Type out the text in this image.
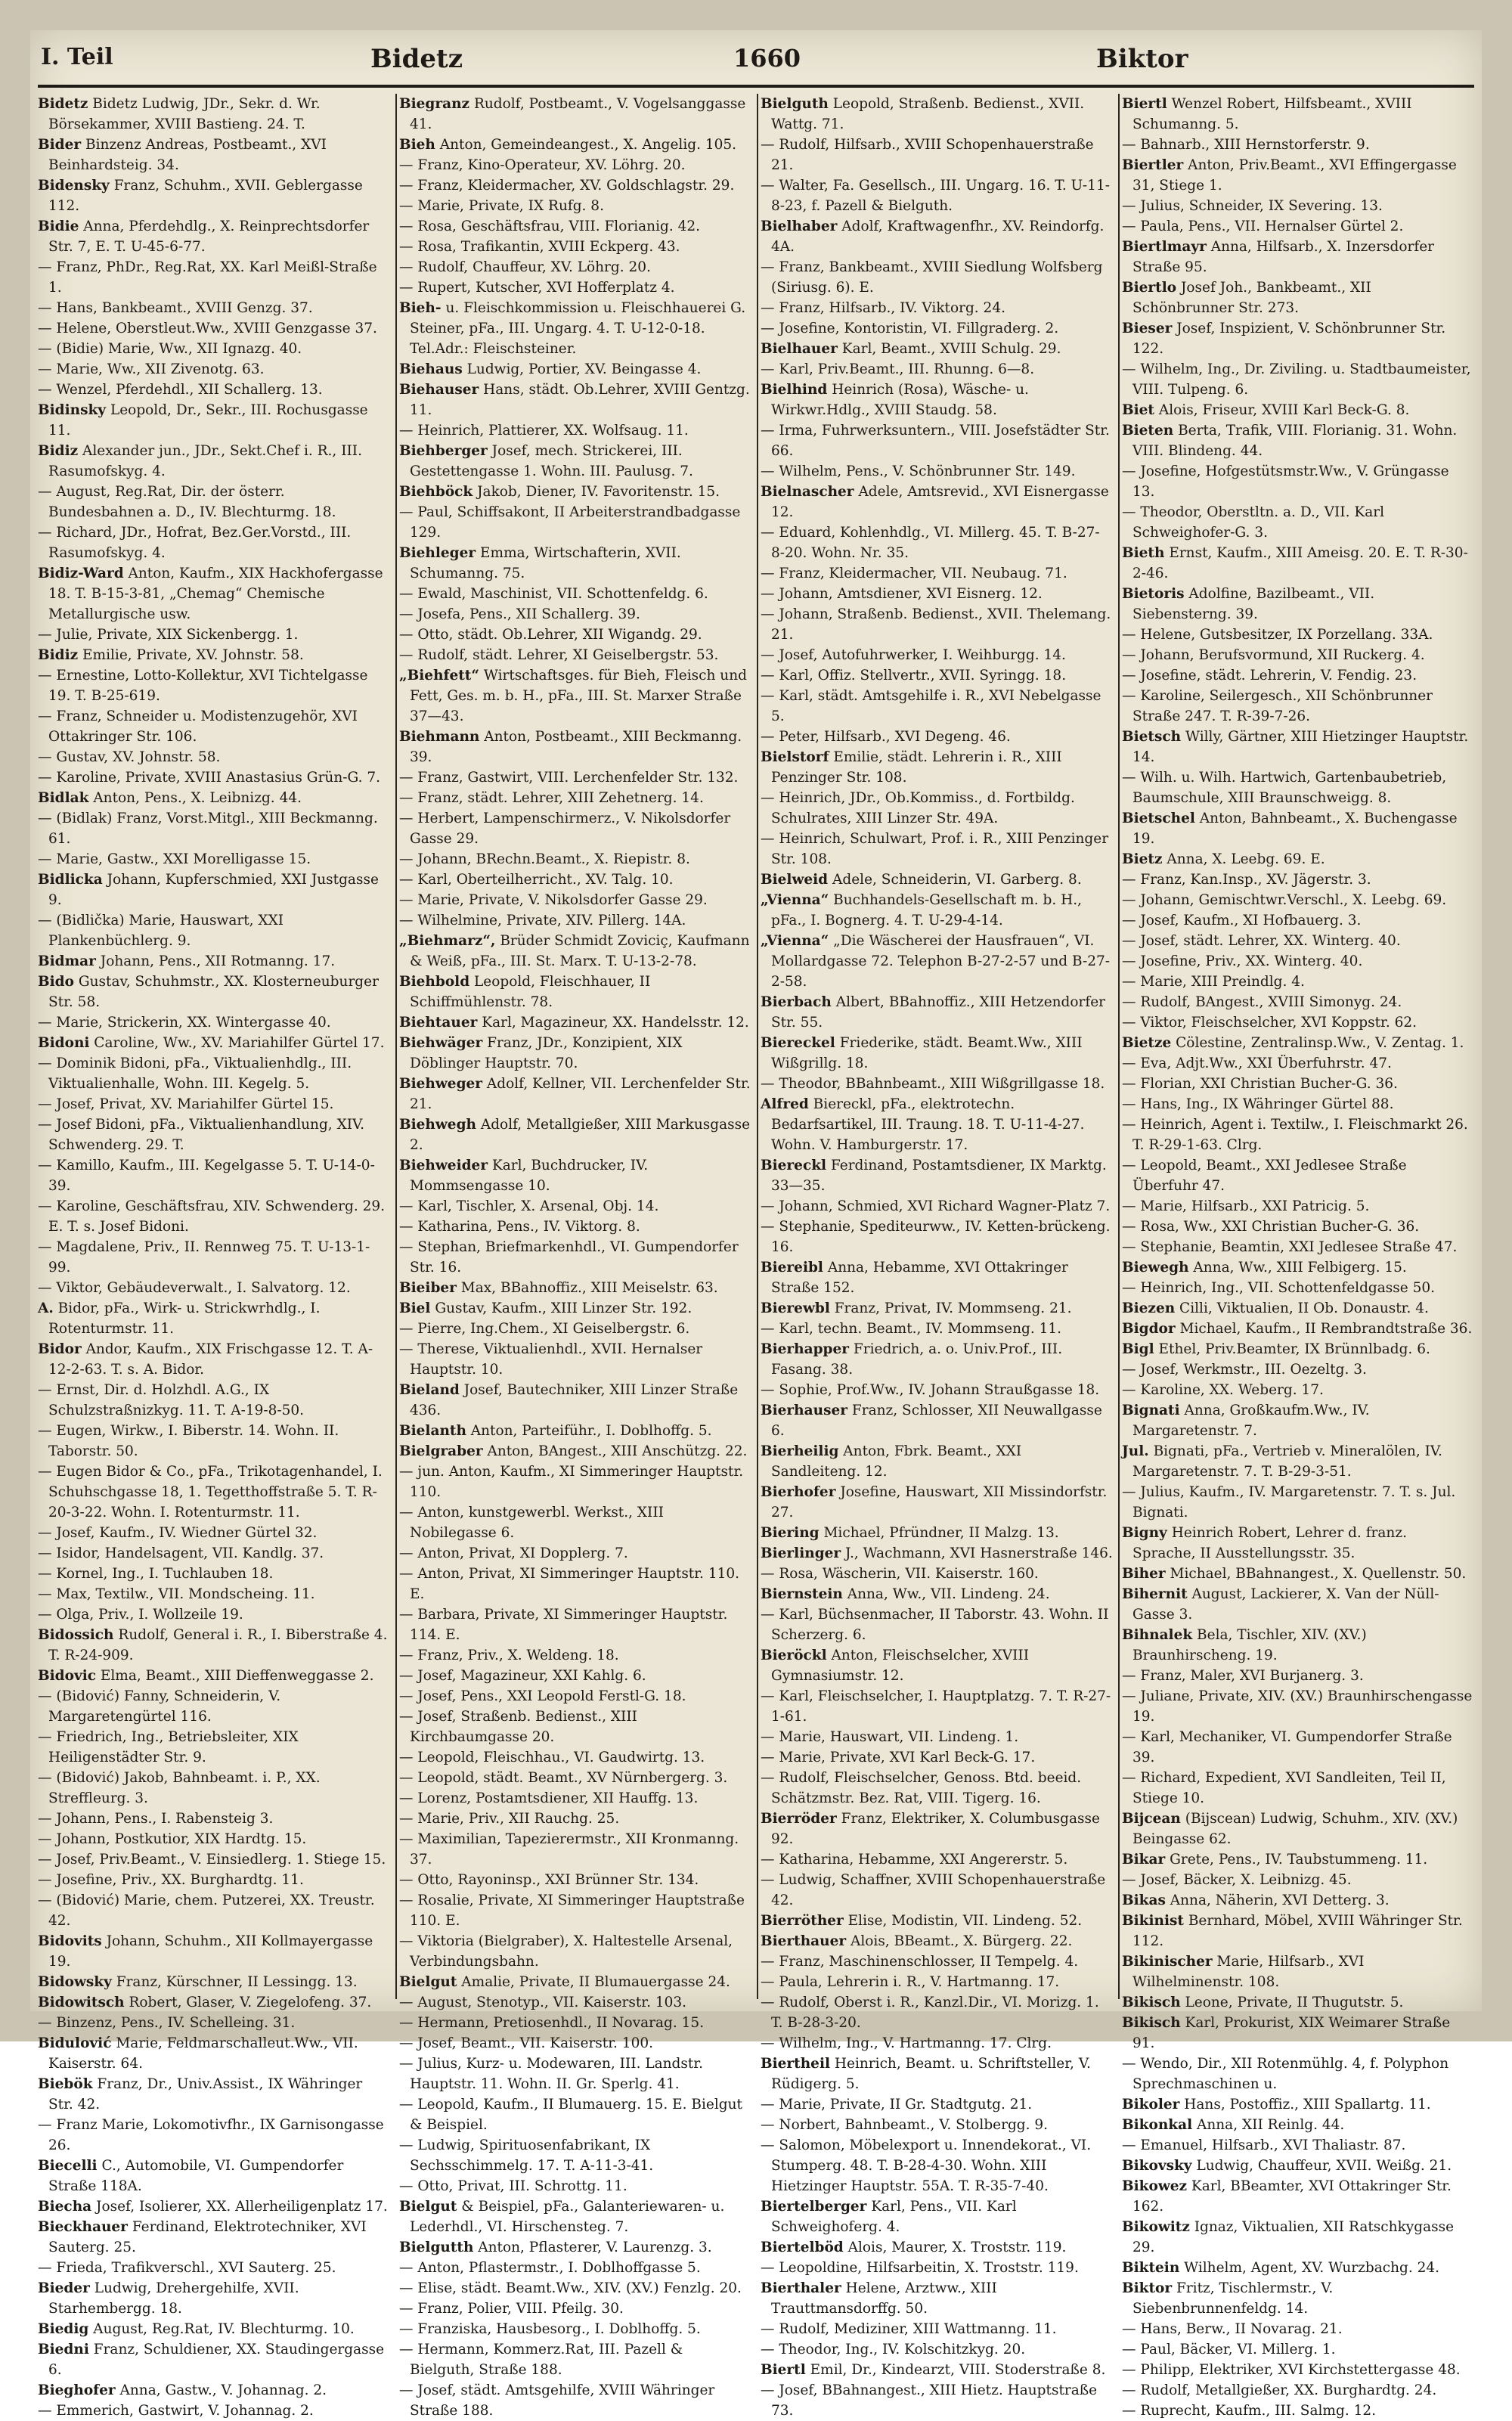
I. Teil	Bidetz	1660	Biktor

Bidetz Bidetz Ludwig, JDr., Sekr. d. Wr. Börsekammer, XVIII Bastieng. 24. T.

Bider Binzenz Andreas, Postbeamt., XVI Beinhardsteig. 34.

Bidensky Franz, Schuhm., XVII. Geblergasse 112.

Bidie Anna, Pferdehdlg., X. Reinprechtsdorfer Str. 7, E. T. U-45-6-77.

— Franz, PhDr., Reg.Rat, XX. Karl Meißl-Straße 1.

— Hans, Bankbeamt., XVIII Genzg. 37.

— Helene, Oberstleut.Ww., XVIII Genzgasse 37.

— (Bidie) Marie, Ww., XII Ignazg. 40.

— Marie, Ww., XII Zivenotg. 63.

— Wenzel, Pferdehdl., XII Schallerg. 13.

Bidinsky Leopold, Dr., Sekr., III. Rochusgasse 11.

Bidiz Alexander jun., JDr., Sekt.Chef i. R., III. Rasumofskyg. 4.

— August, Reg.Rat, Dir. der österr. Bundesbahnen a. D., IV. Blechturmg. 18.

— Richard, JDr., Hofrat, Bez.Ger.Vorstd., III. Rasumofskyg. 4.

Bidiz-Ward Anton, Kaufm., XIX Hackhofergasse 18. T. B-15-3-81, „Chemag“ Chemische Metallurgische usw.

— Julie, Private, XIX Sickenbergg. 1.

Bidiz Emilie, Private, XV. Johnstr. 58.

— Ernestine, Lotto-Kollektur, XVI Tichtelgasse 19. T. B-25-619.

— Franz, Schneider u. Modistenzugehör, XVI Ottakringer Str. 106.

— Gustav, XV. Johnstr. 58.

— Karoline, Private, XVIII Anastasius Grün-G. 7.

Bidlak Anton, Pens., X. Leibnizg. 44.

— (Bidlak) Franz, Vorst.Mitgl., XIII Beckmanng. 61.

— Marie, Gastw., XXI Morelligasse 15.

Bidlicka Johann, Kupferschmied, XXI Justgasse 9.

— (Bidlička) Marie, Hauswart, XXI Plankenbüchlerg. 9.

Bidmar Johann, Pens., XII Rotmanng. 17.

Bido Gustav, Schuhmstr., XX. Klosterneuburger Str. 58.

— Marie, Strickerin, XX. Wintergasse 40.

Bidoni Caroline, Ww., XV. Mariahilfer Gürtel 17.

— Dominik Bidoni, pFa., Viktualienhdlg., III. Viktualienhalle, Wohn. III. Kegelg. 5.

— Josef, Privat, XV. Mariahilfer Gürtel 15.

— Josef Bidoni, pFa., Viktualienhandlung, XIV. Schwenderg. 29. T.

— Kamillo, Kaufm., III. Kegelgasse 5. T. U-14-0-39.

— Karoline, Geschäftsfrau, XIV. Schwenderg. 29. E. T. s. Josef Bidoni.

— Magdalene, Priv., II. Rennweg 75. T. U-13-1-99.

— Viktor, Gebäudeverwalt., I. Salvatorg. 12.

A. Bidor, pFa., Wirk- u. Strickwrhdlg., I. Rotenturmstr. 11.

Bidor Andor, Kaufm., XIX Frischgasse 12. T. A-12-2-63. T. s. A. Bidor.

— Ernst, Dir. d. Holzhdl. A.G., IX Schulzstraßnizkyg. 11. T. A-19-8-50.

— Eugen, Wirkw., I. Biberstr. 14. Wohn. II. Taborstr. 50.

— Eugen Bidor & Co., pFa., Trikotagenhandel, I. Schuhschgasse 18, 1. Tegetthoffstraße 5. T. R-20-3-22. Wohn. I. Rotenturmstr. 11.

— Josef, Kaufm., IV. Wiedner Gürtel 32.

— Isidor, Handelsagent, VII. Kandlg. 37.

— Kornel, Ing., I. Tuchlauben 18.

— Max, Textilw., VII. Mondscheing. 11.

— Olga, Priv., I. Wollzeile 19.

Bidossich Rudolf, General i. R., I. Biberstraße 4. T. R-24-909.

Bidovic Elma, Beamt., XIII Dieffenweggasse 2.

— (Bidović) Fanny, Schneiderin, V. Margaretengürtel 116.

— Friedrich, Ing., Betriebsleiter, XIX Heiligenstädter Str. 9.

— (Bidović) Jakob, Bahnbeamt. i. P., XX. Streffleurg. 3.

— Johann, Pens., I. Rabensteig 3.

— Johann, Postkutior, XIX Hardtg. 15.

— Josef, Priv.Beamt., V. Einsiedlerg. 1. Stiege 15.

— Josefine, Priv., XX. Burghardtg. 11.

— (Bidović) Marie, chem. Putzerei, XX. Treustr. 42.

Bidovits Johann, Schuhm., XII Kollmayergasse 19.

Bidowsky Franz, Kürschner, II Lessingg. 13.

Bidowitsch Robert, Glaser, V. Ziegelofeng. 37.

— Binzenz, Pens., IV. Schelleing. 31.

Bidulović Marie, Feldmarschalleut.Ww., VII. Kaiserstr. 64.

Biebök Franz, Dr., Univ.Assist., IX Währinger Str. 42.

— Franz Marie, Lokomotivfhr., IX Garnisongasse 26.

Biecelli C., Automobile, VI. Gumpendorfer Straße 118A.

Biecha Josef, Isolierer, XX. Allerheiligenplatz 17.

Bieckhauer Ferdinand, Elektrotechniker, XVI Sauterg. 25.

— Frieda, Trafikverschl., XVI Sauterg. 25.

Bieder Ludwig, Drehergehilfe, XVII. Starhembergg. 18.

Biedig August, Reg.Rat, IV. Blechturmg. 10.

Biedni Franz, Schuldiener, XX. Staudingergasse 6.

Bieghofer Anna, Gastw., V. Johannag. 2.

— Emmerich, Gastwirt, V. Johannag. 2.

Biegranz Rudolf, Postbeamt., V. Vogelsanggasse 41.

Bieh Anton, Gemeindeangest., X. Angelig. 105.

— Franz, Kino-Operateur, XV. Löhrg. 20.

— Franz, Kleidermacher, XV. Goldschlagstr. 29.

— Marie, Private, IX Rufg. 8.

— Rosa, Geschäftsfrau, VIII. Florianig. 42.

— Rosa, Trafikantin, XVIII Eckperg. 43.

— Rudolf, Chauffeur, XV. Löhrg. 20.

— Rupert, Kutscher, XVI Hofferplatz 4.

Bieh- u. Fleischkommission u. Fleischhauerei G. Steiner, pFa., III. Ungarg. 4. T. U-12-0-18. Tel.Adr.: Fleischsteiner.

Biehaus Ludwig, Portier, XV. Beingasse 4.

Biehauser Hans, städt. Ob.Lehrer, XVIII Gentzg. 11.

— Heinrich, Plattierer, XX. Wolfsaug. 11.

Biehberger Josef, mech. Strickerei, III. Gestettengasse 1. Wohn. III. Paulusg. 7.

Biehböck Jakob, Diener, IV. Favoritenstr. 15.

— Paul, Schiffsakont, II Arbeiterstrandbadgasse 129.

Biehleger Emma, Wirtschafterin, XVII. Schumanng. 75.

— Ewald, Maschinist, VII. Schottenfeldg. 6.

— Josefa, Pens., XII Schallerg. 39.

— Otto, städt. Ob.Lehrer, XII Wigandg. 29.

— Rudolf, städt. Lehrer, XI Geiselbergstr. 53.

„Biehfett“ Wirtschaftsges. für Bieh, Fleisch und Fett, Ges. m. b. H., pFa., III. St. Marxer Straße 37—43.

Biehmann Anton, Postbeamt., XIII Beckmanng. 39.

— Franz, Gastwirt, VIII. Lerchenfelder Str. 132.

— Franz, städt. Lehrer, XIII Zehetnerg. 14.

— Herbert, Lampenschirmerz., V. Nikolsdorfer Gasse 29.

— Johann, BRechn.Beamt., X. Riepistr. 8.

— Karl, Oberteilherricht., XV. Talg. 10.

— Marie, Private, V. Nikolsdorfer Gasse 29.

— Wilhelmine, Private, XIV. Pillerg. 14A.

„Biehmarz“, Brüder Schmidt Zoviciç, Kaufmann & Weiß, pFa., III. St. Marx. T. U-13-2-78.

Biehbold Leopold, Fleischhauer, II Schiffmühlenstr. 78.

Biehtauer Karl, Magazineur, XX. Handelsstr. 12.

Biehwäger Franz, JDr., Konzipient, XIX Döblinger Hauptstr. 70.

Biehweger Adolf, Kellner, VII. Lerchenfelder Str. 21.

Biehwegh Adolf, Metallgießer, XIII Markusgasse 2.

Biehweider Karl, Buchdrucker, IV. Mommsengasse 10.

— Karl, Tischler, X. Arsenal, Obj. 14.

— Katharina, Pens., IV. Viktorg. 8.

— Stephan, Briefmarkenhdl., VI. Gumpendorfer Str. 16.

Bieiber Max, BBahnoffiz., XIII Meiselstr. 63.

Biel Gustav, Kaufm., XIII Linzer Str. 192.

— Pierre, Ing.Chem., XI Geiselbergstr. 6.

— Therese, Viktualienhdl., XVII. Hernalser Hauptstr. 10.

Bieland Josef, Bautechniker, XIII Linzer Straße 436.

Bielanth Anton, Parteiführ., I. Doblhoffg. 5.

Bielgraber Anton, BAngest., XIII Anschützg. 22.

— jun. Anton, Kaufm., XI Simmeringer Hauptstr. 110.

— Anton, kunstgewerbl. Werkst., XIII Nobilegasse 6.

— Anton, Privat, XI Dopplerg. 7.

— Anton, Privat, XI Simmeringer Hauptstr. 110. E.

— Barbara, Private, XI Simmeringer Hauptstr. 114. E.

— Franz, Priv., X. Weldeng. 18.

— Josef, Magazineur, XXI Kahlg. 6.

— Josef, Pens., XXI Leopold Ferstl-G. 18.

— Josef, Straßenb. Bedienst., XIII Kirchbaumgasse 20.

— Leopold, Fleischhau., VI. Gaudwirtg. 13.

— Leopold, städt. Beamt., XV Nürnbergerg. 3.

— Lorenz, Postamtsdiener, XII Hauffg. 13.

— Marie, Priv., XII Rauchg. 25.

— Maximilian, Tapezierermstr., XII Kronmanng. 37.

— Otto, Rayoninsp., XXI Brünner Str. 134.

— Rosalie, Private, XI Simmeringer Hauptstraße 110. E.

— Viktoria (Bielgraber), X. Haltestelle Arsenal, Verbindungsbahn.

Bielgut Amalie, Private, II Blumauergasse 24.

— August, Stenotyp., VII. Kaiserstr. 103.

— Hermann, Pretiosenhdl., II Novarag. 15.

— Josef, Beamt., VII. Kaiserstr. 100.

— Julius, Kurz- u. Modewaren, III. Landstr. Hauptstr. 11. Wohn. II. Gr. Sperlg. 41.

— Leopold, Kaufm., II Blumauerg. 15. E. Bielgut & Beispiel.

— Ludwig, Spirituosenfabrikant, IX Sechsschimmelg. 17. T. A-11-3-41.

— Otto, Privat, III. Schrottg. 11.

Bielgut & Beispiel, pFa., Galanteriewaren- u. Lederhdl., VI. Hirschensteg. 7.

Bielgutth Anton, Pflasterer, V. Laurenzg. 3.

— Anton, Pflastermstr., I. Doblhoffgasse 5.

— Elise, städt. Beamt.Ww., XIV. (XV.) Fenzlg. 20.

— Franz, Polier, VIII. Pfeilg. 30.

— Franziska, Hausbesorg., I. Doblhoffg. 5.

— Hermann, Kommerz.Rat, III. Pazell & Bielguth, Straße 188.

— Josef, städt. Amtsgehilfe, XVIII Währinger Straße 188.

Bielguth Leopold, Straßenb. Bedienst., XVII. Wattg. 71.

— Rudolf, Hilfsarb., XVIII Schopenhauerstraße 21.

— Walter, Fa. Gesellsch., III. Ungarg. 16. T. U-11-8-23, f. Pazell & Bielguth.

Bielhaber Adolf, Kraftwagenfhr., XV. Reindorfg. 4A.

— Franz, Bankbeamt., XVIII Siedlung Wolfsberg (Siriusg. 6). E.

— Franz, Hilfsarb., IV. Viktorg. 24.

— Josefine, Kontoristin, VI. Fillgraderg. 2.

Bielhauer Karl, Beamt., XVIII Schulg. 29.

— Karl, Priv.Beamt., III. Rhunng. 6—8.

Bielhind Heinrich (Rosa), Wäsche- u. Wirkwr.Hdlg., XVIII Staudg. 58.

— Irma, Fuhrwerksuntern., VIII. Josefstädter Str. 66.

— Wilhelm, Pens., V. Schönbrunner Str. 149.

Bielnascher Adele, Amtsrevid., XVI Eisnergasse 12.

— Eduard, Kohlenhdlg., VI. Millerg. 45. T. B-27-8-20. Wohn. Nr. 35.

— Franz, Kleidermacher, VII. Neubaug. 71.

— Johann, Amtsdiener, XVI Eisnerg. 12.

— Johann, Straßenb. Bedienst., XVII. Thelemang. 21.

— Josef, Autofuhrwerker, I. Weihburgg. 14.

— Karl, Offiz. Stellvertr., XVII. Syringg. 18.

— Karl, städt. Amtsgehilfe i. R., XVI Nebelgasse 5.

— Peter, Hilfsarb., XVI Degeng. 46.

Bielstorf Emilie, städt. Lehrerin i. R., XIII Penzinger Str. 108.

— Heinrich, JDr., Ob.Kommiss., d. Fortbildg. Schulrates, XIII Linzer Str. 49A.

— Heinrich, Schulwart, Prof. i. R., XIII Penzinger Str. 108.

Bielweid Adele, Schneiderin, VI. Garberg. 8.

„Vienna“ Buchhandels-Gesellschaft m. b. H., pFa., I. Bognerg. 4. T. U-29-4-14.

„Vienna“ „Die Wäscherei der Hausfrauen“, VI. Mollardgasse 72. Telephon B-27-2-57 und B-27-2-58.

Bierbach Albert, BBahnoffiz., XIII Hetzendorfer Str. 55.

Biereckel Friederike, städt. Beamt.Ww., XIII Wißgrillg. 18.

— Theodor, BBahnbeamt., XIII Wißgrillgasse 18.

Alfred Biereckl, pFa., elektrotechn. Bedarfsartikel, III. Traung. 18. T. U-11-4-27. Wohn. V. Hamburgerstr. 17.

Biereckl Ferdinand, Postamtsdiener, IX Marktg. 33—35.

— Johann, Schmied, XVI Richard Wagner-Platz 7.

— Stephanie, Spediteurww., IV. Ketten-brückeng. 16.

Biereibl Anna, Hebamme, XVI Ottakringer Straße 152.

Bierewbl Franz, Privat, IV. Mommseng. 21.

— Karl, techn. Beamt., IV. Mommseng. 11.

Bierhapper Friedrich, a. o. Univ.Prof., III. Fasang. 38.

— Sophie, Prof.Ww., IV. Johann Straußgasse 18.

Bierhauser Franz, Schlosser, XII Neuwallgasse 6.

Bierheilig Anton, Fbrk. Beamt., XXI Sandleiteng. 12.

Bierhofer Josefine, Hauswart, XII Missindorfstr. 27.

Biering Michael, Pfründner, II Malzg. 13.

Bierlinger J., Wachmann, XVI Hasnerstraße 146.

— Rosa, Wäscherin, VII. Kaiserstr. 160.

Biernstein Anna, Ww., VII. Lindeng. 24.

— Karl, Büchsenmacher, II Taborstr. 43. Wohn. II Scherzerg. 6.

Bieröckl Anton, Fleischselcher, XVIII Gymnasiumstr. 12.

— Karl, Fleischselcher, I. Hauptplatzg. 7. T. R-27-1-61.

— Marie, Hauswart, VII. Lindeng. 1.

— Marie, Private, XVI Karl Beck-G. 17.

— Rudolf, Fleischselcher, Genoss. Btd. beeid. Schätzmstr. Bez. Rat, VIII. Tigerg. 16.

Bierröder Franz, Elektriker, X. Columbusgasse 92.

— Katharina, Hebamme, XXI Angererstr. 5.

— Ludwig, Schaffner, XVIII Schopenhauerstraße 42.

Bierröther Elise, Modistin, VII. Lindeng. 52.

Bierthauer Alois, BBeamt., X. Bürgerg. 22.

— Franz, Maschinenschlosser, II Tempelg. 4.

— Paula, Lehrerin i. R., V. Hartmanng. 17.

— Rudolf, Oberst i. R., Kanzl.Dir., VI. Morizg. 1. T. B-28-3-20.

— Wilhelm, Ing., V. Hartmanng. 17. Clrg.

Biertheil Heinrich, Beamt. u. Schriftsteller, V. Rüdigerg. 5.

— Marie, Private, II Gr. Stadtgutg. 21.

— Norbert, Bahnbeamt., V. Stolbergg. 9.

— Salomon, Möbelexport u. Innendekorat., VI. Stumperg. 48. T. B-28-4-30. Wohn. XIII Hietzinger Hauptstr. 55A. T. R-35-7-40.

Biertelberger Karl, Pens., VII. Karl Schweighoferg. 4.

Biertelböd Alois, Maurer, X. Troststr. 119.

— Leopoldine, Hilfsarbeitin, X. Troststr. 119.

Bierthaler Helene, Arztww., XIII Trauttmansdorffg. 50.

— Rudolf, Mediziner, XIII Wattmanng. 11.

— Theodor, Ing., IV. Kolschitzkyg. 20.

Biertl Emil, Dr., Kindearzt, VIII. Stoderstraße 8.

— Josef, BBahnangest., XIII Hietz. Hauptstraße 73.

Biertl Wenzel Robert, Hilfsbeamt., XVIII Schumanng. 5.

— Bahnarb., XIII Hernstorferstr. 9.

Biertler Anton, Priv.Beamt., XVI Effingergasse 31, Stiege 1.

— Julius, Schneider, IX Severing. 13.

— Paula, Pens., VII. Hernalser Gürtel 2.

Biertlmayr Anna, Hilfsarb., X. Inzersdorfer Straße 95.

Biertlo Josef Joh., Bankbeamt., XII Schönbrunner Str. 273.

Bieser Josef, Inspizient, V. Schönbrunner Str. 122.

— Wilhelm, Ing., Dr. Ziviling. u. Stadtbaumeister, VIII. Tulpeng. 6.

Biet Alois, Friseur, XVIII Karl Beck-G. 8.

Bieten Berta, Trafik, VIII. Florianig. 31. Wohn. VIII. Blindeng. 44.

— Josefine, Hofgestütsmstr.Ww., V. Grüngasse 13.

— Theodor, Oberstltn. a. D., VII. Karl Schweighofer-G. 3.

Bieth Ernst, Kaufm., XIII Ameisg. 20. E. T. R-30-2-46.

Bietoris Adolfine, Bazilbeamt., VII. Siebensterng. 39.

— Helene, Gutsbesitzer, IX Porzellang. 33A.

— Johann, Berufsvormund, XII Ruckerg. 4.

— Josefine, städt. Lehrerin, V. Fendig. 23.

— Karoline, Seilergesch., XII Schönbrunner Straße 247. T. R-39-7-26.

Bietsch Willy, Gärtner, XIII Hietzinger Hauptstr. 14.

— Wilh. u. Wilh. Hartwich, Gartenbaubetrieb, Baumschule, XIII Braunschweigg. 8.

Bietschel Anton, Bahnbeamt., X. Buchengasse 19.

Bietz Anna, X. Leebg. 69. E.

— Franz, Kan.Insp., XV. Jägerstr. 3.

— Johann, Gemischtwr.Verschl., X. Leebg. 69.

— Josef, Kaufm., XI Hofbauerg. 3.

— Josef, städt. Lehrer, XX. Winterg. 40.

— Josefine, Priv., XX. Winterg. 40.

— Marie, XIII Preindlg. 4.

— Rudolf, BAngest., XVIII Simonyg. 24.

— Viktor, Fleischselcher, XVI Koppstr. 62.

Bietze Cölestine, Zentralinsp.Ww., V. Zentag. 1.

— Eva, Adjt.Ww., XXI Überfuhrstr. 47.

— Florian, XXI Christian Bucher-G. 36.

— Hans, Ing., IX Währinger Gürtel 88.

— Heinrich, Agent i. Textilw., I. Fleischmarkt 26. T. R-29-1-63. Clrg.

— Leopold, Beamt., XXI Jedlesee Straße Überfuhr 47.

— Marie, Hilfsarb., XXI Patricig. 5.

— Rosa, Ww., XXI Christian Bucher-G. 36.

— Stephanie, Beamtin, XXI Jedlesee Straße 47.

Biewegh Anna, Ww., XIII Felbigerg. 15.

— Heinrich, Ing., VII. Schottenfeldgasse 50.

Biezen Cilli, Viktualien, II Ob. Donaustr. 4.

Bigdor Michael, Kaufm., II Rembrandtstraße 36.

Bigl Ethel, Priv.Beamter, IX Brünnlbadg. 6.

— Josef, Werkmstr., III. Oezeltg. 3.

— Karoline, XX. Weberg. 17.

Bignati Anna, Großkaufm.Ww., IV. Margaretenstr. 7.

Jul. Bignati, pFa., Vertrieb v. Mineralölen, IV. Margaretenstr. 7. T. B-29-3-51.

— Julius, Kaufm., IV. Margaretenstr. 7. T. s. Jul. Bignati.

Bigny Heinrich Robert, Lehrer d. franz. Sprache, II Ausstellungsstr. 35.

Biher Michael, BBahnangest., X. Quellenstr. 50.

Bihernit August, Lackierer, X. Van der Nüll-Gasse 3.

Bihnalek Bela, Tischler, XIV. (XV.) Braunhirscheng. 19.

— Franz, Maler, XVI Burjanerg. 3.

— Juliane, Private, XIV. (XV.) Braunhirschengasse 19.

— Karl, Mechaniker, VI. Gumpendorfer Straße 39.

— Richard, Expedient, XVI Sandleiten, Teil II, Stiege 10.

Bijcean (Bijscean) Ludwig, Schuhm., XIV. (XV.) Beingasse 62.

Bikar Grete, Pens., IV. Taubstummeng. 11.

— Josef, Bäcker, X. Leibnizg. 45.

Bikas Anna, Näherin, XVI Detterg. 3.

Bikinist Bernhard, Möbel, XVIII Währinger Str. 112.

Bikinischer Marie, Hilfsarb., XVI Wilhelminenstr. 108.

Bikisch Leone, Private, II Thugutstr. 5.

Bikisch Karl, Prokurist, XIX Weimarer Straße 91.

— Wendo, Dir., XII Rotenmühlg. 4, f. Polyphon Sprechmaschinen u.

Bikoler Hans, Postoffiz., XIII Spallartg. 11.

Bikonkal Anna, XII Reinlg. 44.

— Emanuel, Hilfsarb., XVI Thaliastr. 87.

Bikovsky Ludwig, Chauffeur, XVII. Weißg. 21.

Bikowez Karl, BBeamter, XVI Ottakringer Str. 162.

Bikowitz Ignaz, Viktualien, XII Ratschkygasse 29.

Biktein Wilhelm, Agent, XV. Wurzbachg. 24.

Biktor Fritz, Tischlermstr., V. Siebenbrunnenfeldg. 14.

— Hans, Berw., II Novarag. 21.

— Paul, Bäcker, VI. Millerg. 1.

— Philipp, Elektriker, XVI Kirchstettergasse 48.

— Rudolf, Metallgießer, XX. Burghardtg. 24.

— Ruprecht, Kaufm., III. Salmg. 12.
